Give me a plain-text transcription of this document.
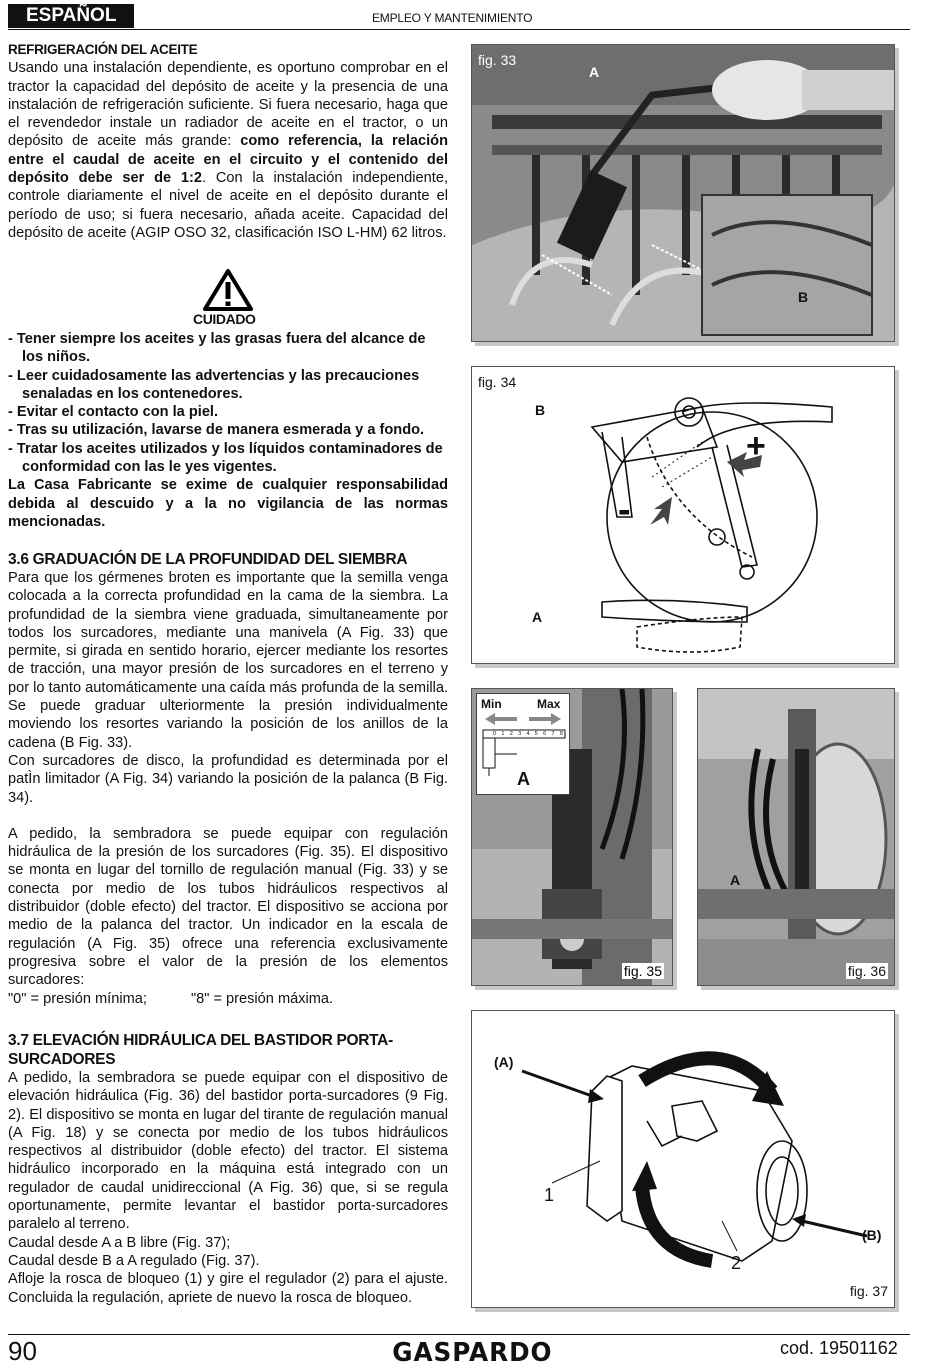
ESPAÑOL	EMPLEO Y MANTENIMIENTO
REFRIGERACIÓN DEL ACEITE

Usando una instalación dependiente, es oportuno comprobar en el tractor la capacidad del depósito de aceite y la presencia de una instalación de refrigeración suficiente. Si fuera necesario, haga que el revendedor instale un radiador de aceite en el tractor, o un depósito de aceite más grande: como referencia, la relación entre el caudal de aceite en el circuito y el contenido del depósito debe ser de 1:2. Con la instalación independiente, controle diariamente el nivel de aceite en el depósito durante el período de uso; si fuera necesario, añada aceite. Capacidad del depósito de aceite (AGIP OSO 32, clasificación ISO L-HM) 62 litros.

CUIDADO
- Tener siempre los aceites y las grasas fuera del alcance de los niños.
- Leer cuidadosamente las advertencias y las precauciones senaladas en los contenedores.
- Evitar el contacto con la piel.
- Tras su utilización, lavarse de manera esmerada y a fondo.
- Tratar los aceites utilizados y los líquidos contaminadores de conformidad con las le yes vigentes.

La Casa Fabricante se exime de cualquier responsabilidad debida al descuido y a la no vigilancia de las normas mencionadas.

3.6 GRADUACIÓN DE LA PROFUNDIDAD DEL SIEMBRA

Para que los gérmenes broten es importante que la semilla venga colocada a la correcta profundidad en la cama de la siembra. La profundidad de la siembra viene graduada, simultaneamente por todos los surcadores, mediante una manivela (A Fig. 33) que permite, si girada en sentido horario, ejercer mediante los resortes de tracción, una mayor presión de los surcadores en el terreno y por lo tanto automáticamente una caída más profunda de la semilla. Se puede graduar ulteriormente la presión individualmente moviendo los resortes variando la posición de los anillos de la cadena (B Fig. 33).

Con surcadores de disco, la profundidad es determinada por el patÌn limitador (A Fig. 34) variando la posición de la palanca (B Fig. 34).

A pedido, la sembradora se puede equipar con regulación hidráulica de la presión de los surcadores (Fig. 35). El dispositivo se monta en lugar del tornillo de regulación manual (Fig. 33) y se conecta por medio de los tubos hidráulicos respectivos al distribuidor (doble efecto) del tractor. El dispositivo se acciona por medio de la palanca del tractor. Un indicador en la escala de regulación (A Fig. 35) ofrece una referencia exclusivamente progresiva sobre el valor de la presión de los elementos surcadores:

"0" = presión mínima;	"8" = presión máxima.

3.7 ELEVACIÓN HIDRÁULICA DEL BASTIDOR PORTA-SURCADORES

A pedido, la sembradora se puede equipar con el dispositivo de elevación hidráulica (Fig. 36) del bastidor porta-surcadores (9 Fig. 2). El dispositivo se monta en lugar del tirante de regulación manual (A Fig. 18) y se conecta por medio de los tubos hidráulicos respectivos al distribuidor (doble efecto) del tractor. El sistema hidráulico incorporado en la máquina está integrado con un regulador de caudal unidireccional (A Fig. 36) que, si se regula oportunamente, permite levantar el bastidor porta-surcadores paralelo al terreno.

Caudal desde A a B libre (Fig. 37);

Caudal desde B a A regulado (Fig. 37).

Afloje la rosca de bloqueo (1) y gire el regulador (2) para el ajuste. Concluida la regulación, apriete de nuevo la rosca de bloqueo.

fig. 33
A
B
fig. 34
B
A
+
-
Min	Max
0 1 2 3 4 5 6 7 8
A
fig. 35
A
fig. 36
(A)
(B)
1
2
fig. 37
90	GASPARDO	cod. 19501162
